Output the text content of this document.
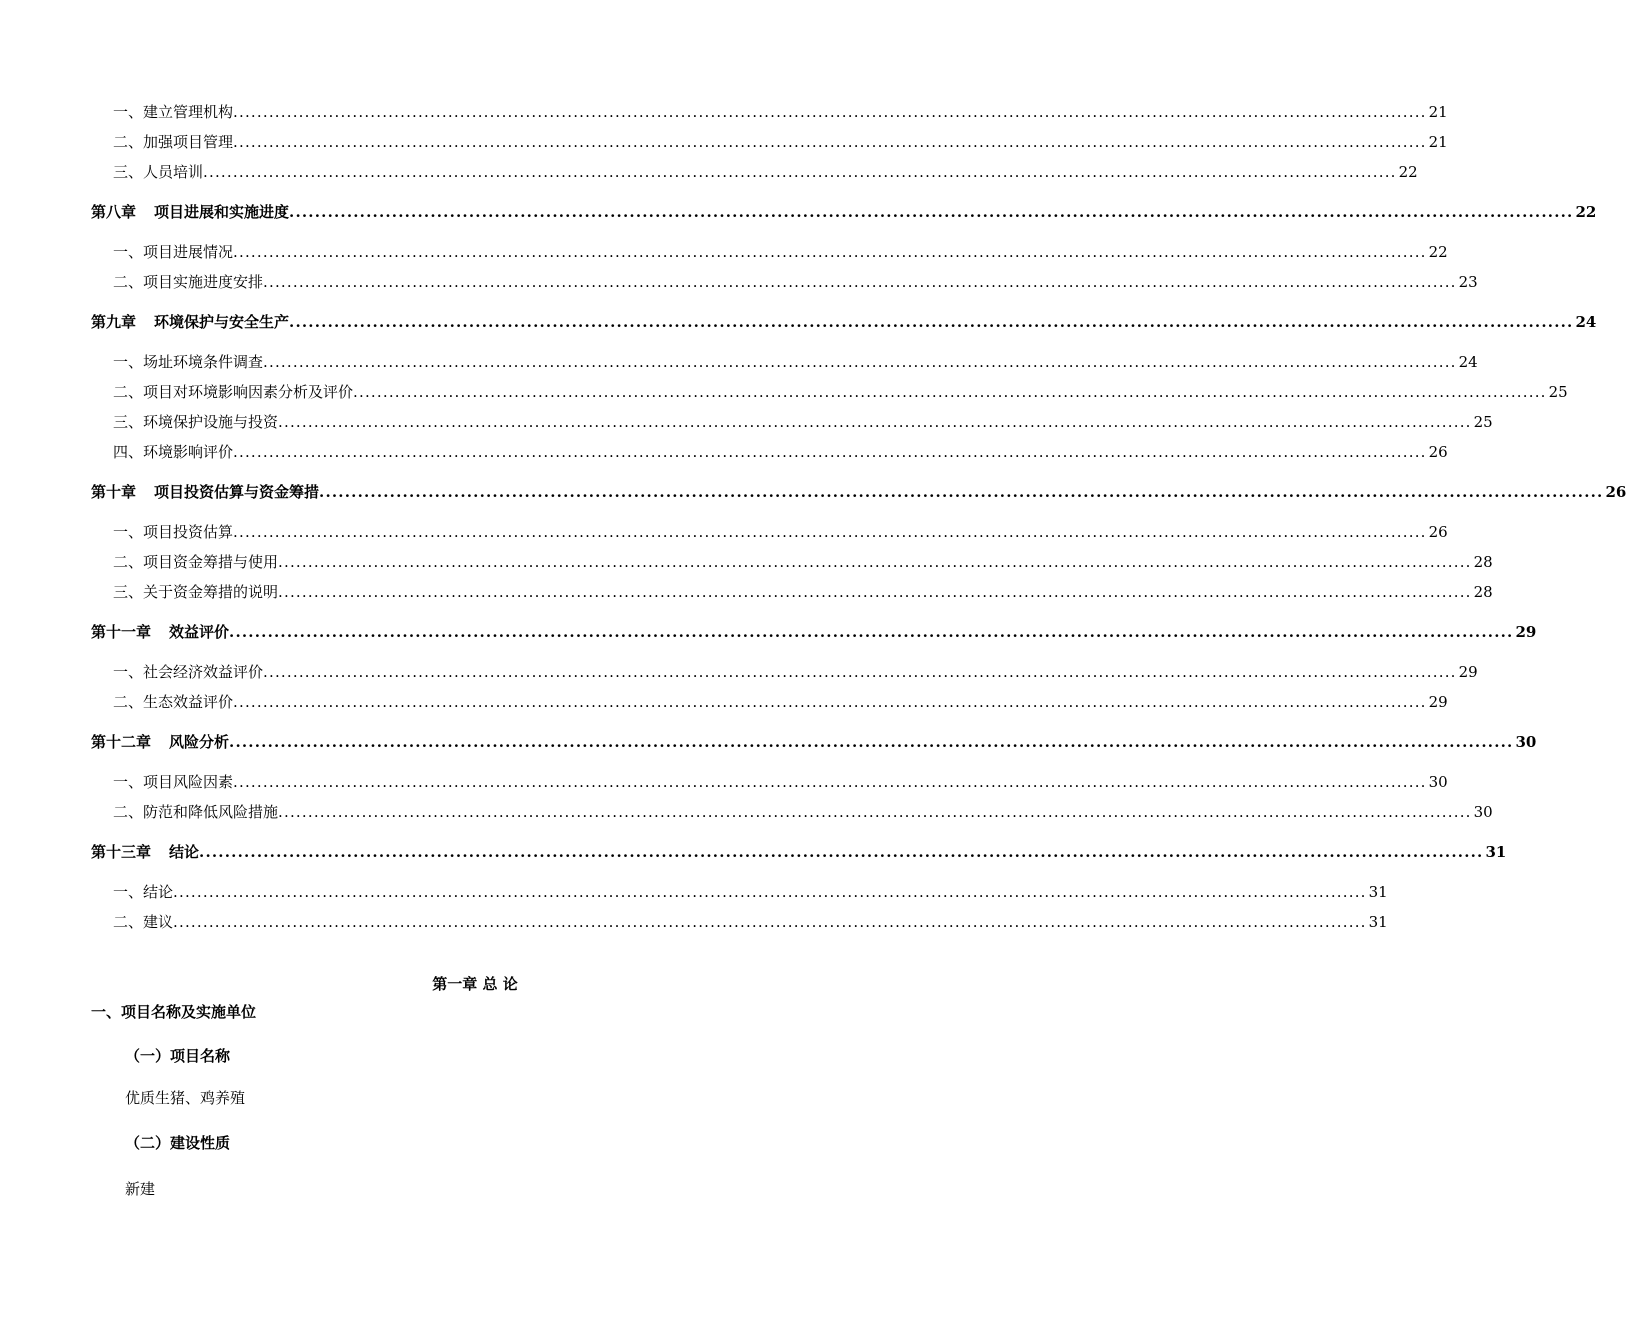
一、建立管理机构 ........................................................................................................................................................................................................ 21
二、加强项目管理 ........................................................................................................................................................................................................ 21
三、人员培训 ........................................................................................................................................................................................................ 22
第八章 项目进展和实施进度 ........................................................................................................................................................................................................ 22
一、项目进展情况 ........................................................................................................................................................................................................ 22
二、项目实施进度安排 ........................................................................................................................................................................................................ 23
第九章 环境保护与安全生产 ........................................................................................................................................................................................................ 24
一、场址环境条件调查 ........................................................................................................................................................................................................ 24
二、项目对环境影响因素分析及评价 ........................................................................................................................................................................................................ 25
三、环境保护设施与投资 ........................................................................................................................................................................................................ 25
四、环境影响评价 ........................................................................................................................................................................................................ 26
第十章 项目投资估算与资金筹措 ........................................................................................................................................................................................................ 26
一、项目投资估算 ........................................................................................................................................................................................................ 26
二、项目资金筹措与使用 ........................................................................................................................................................................................................ 28
三、关于资金筹措的说明 ........................................................................................................................................................................................................ 28
第十一章 效益评价 ........................................................................................................................................................................................................ 29
一、社会经济效益评价 ........................................................................................................................................................................................................ 29
二、生态效益评价 ........................................................................................................................................................................................................ 29
第十二章 风险分析 ........................................................................................................................................................................................................ 30
一、项目风险因素 ........................................................................................................................................................................................................ 30
二、防范和降低风险措施 ........................................................................................................................................................................................................ 30
第十三章 结论 ........................................................................................................................................................................................................ 31
一、结论 ........................................................................................................................................................................................................ 31
二、建议 ........................................................................................................................................................................................................ 31
第一章 总 论
一、项目名称及实施单位
（一）项目名称
优质生猪、鸡养殖
（二）建设性质
新建
